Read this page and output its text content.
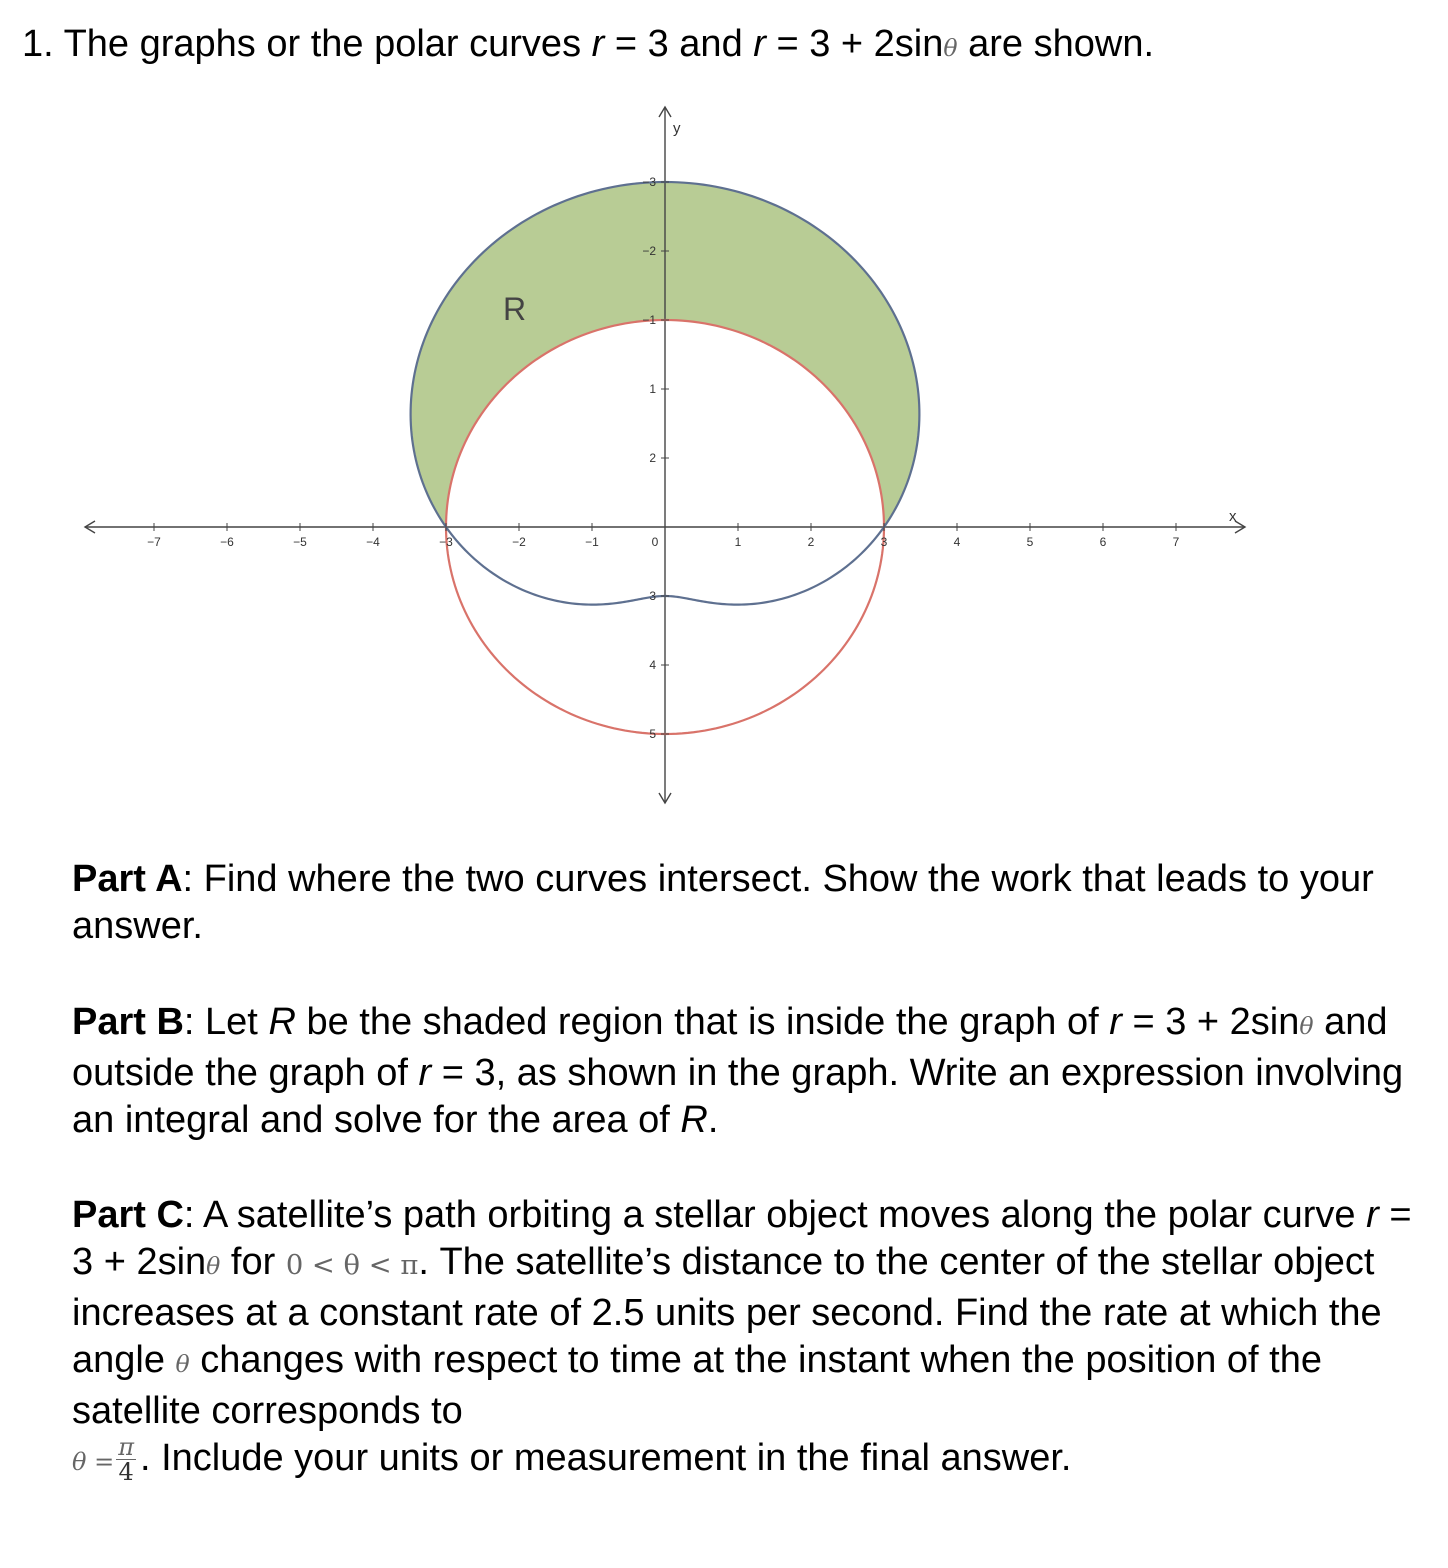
1. The graphs or the polar curves r = 3 and r = 3 + 2sinθ are shown.
−7	−6	−5	−4	−3	−2	−1	0	1	2	3	4	5	6	7
5
4
3
2
1
−1
−2
−3
x
y
R
Part A: Find where the two curves intersect. Show the work that leads to your answer.
Part B: Let R be the shaded region that is inside the graph of r = 3 + 2sinθ and outside the graph of r = 3, as shown in the graph. Write an expression involving an integral and solve for the area of R.
Part C: A satellite’s path orbiting a stellar object moves along the polar curve r = 3 + 2sinθ for 0 < θ < π. The satellite’s distance to the center of the stellar object increases at a constant rate of 2.5 units per second. Find the rate at which the angle θ changes with respect to time at the instant when the position of the satellite corresponds to
$\theta = \frac{\pi}{4}$ . Include your units or measurement in the final answer.
